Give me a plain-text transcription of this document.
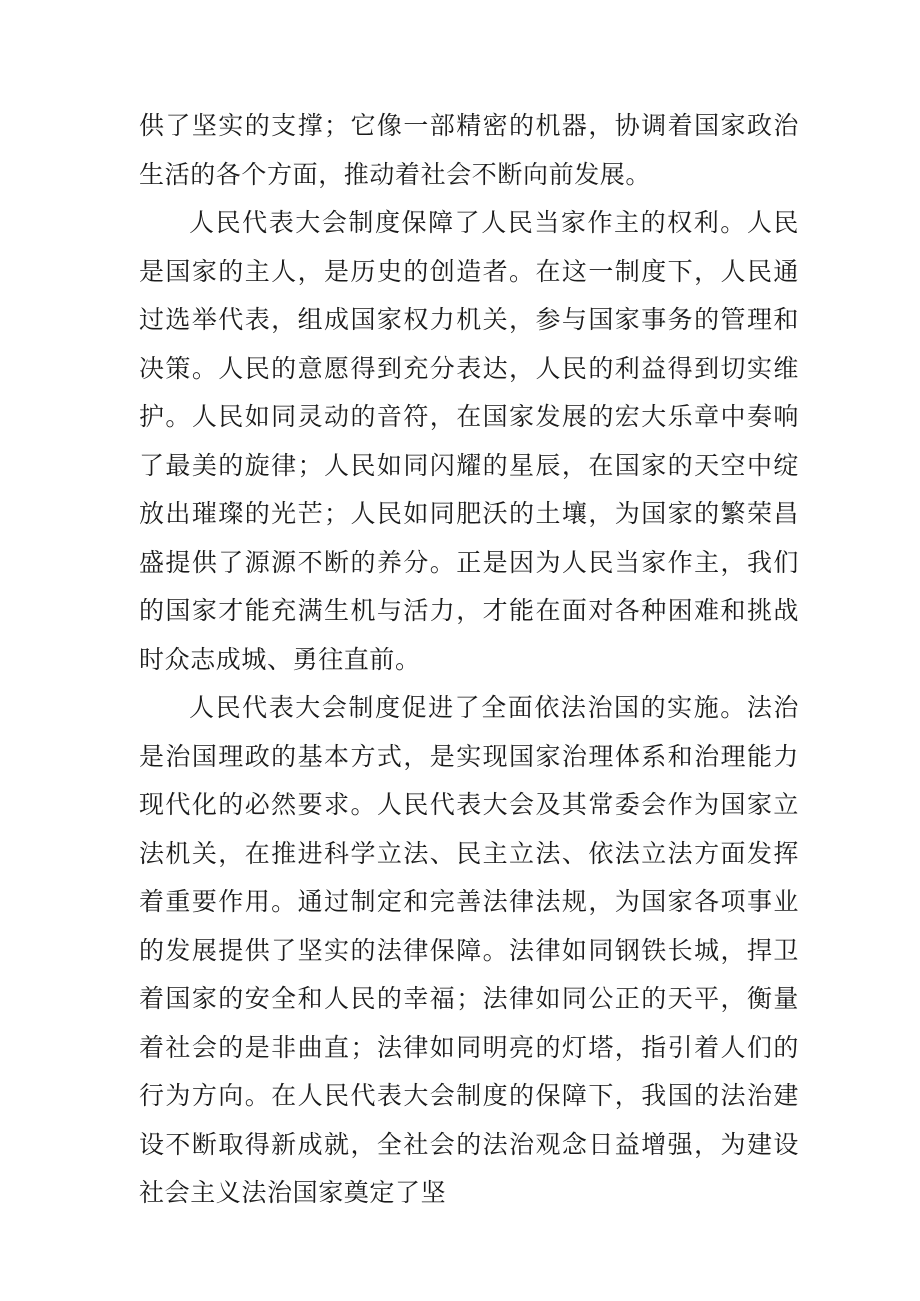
供了坚实的支撑；它像一部精密的机器，协调着国家政治生活的各个方面，推动着社会不断向前发展。

人民代表大会制度保障了人民当家作主的权利。人民是国家的主人，是历史的创造者。在这一制度下，人民通过选举代表，组成国家权力机关，参与国家事务的管理和决策。人民的意愿得到充分表达，人民的利益得到切实维护。人民如同灵动的音符，在国家发展的宏大乐章中奏响了最美的旋律；人民如同闪耀的星辰，在国家的天空中绽放出璀璨的光芒；人民如同肥沃的土壤，为国家的繁荣昌盛提供了源源不断的养分。正是因为人民当家作主，我们的国家才能充满生机与活力，才能在面对各种困难和挑战时众志成城、勇往直前。

人民代表大会制度促进了全面依法治国的实施。法治是治国理政的基本方式，是实现国家治理体系和治理能力现代化的必然要求。人民代表大会及其常委会作为国家立法机关，在推进科学立法、民主立法、依法立法方面发挥着重要作用。通过制定和完善法律法规，为国家各项事业的发展提供了坚实的法律保障。法律如同钢铁长城，捍卫着国家的安全和人民的幸福；法律如同公正的天平，衡量着社会的是非曲直；法律如同明亮的灯塔，指引着人们的行为方向。在人民代表大会制度的保障下，我国的法治建设不断取得新成就，全社会的法治观念日益增强，为建设社会主义法治国家奠定了坚
